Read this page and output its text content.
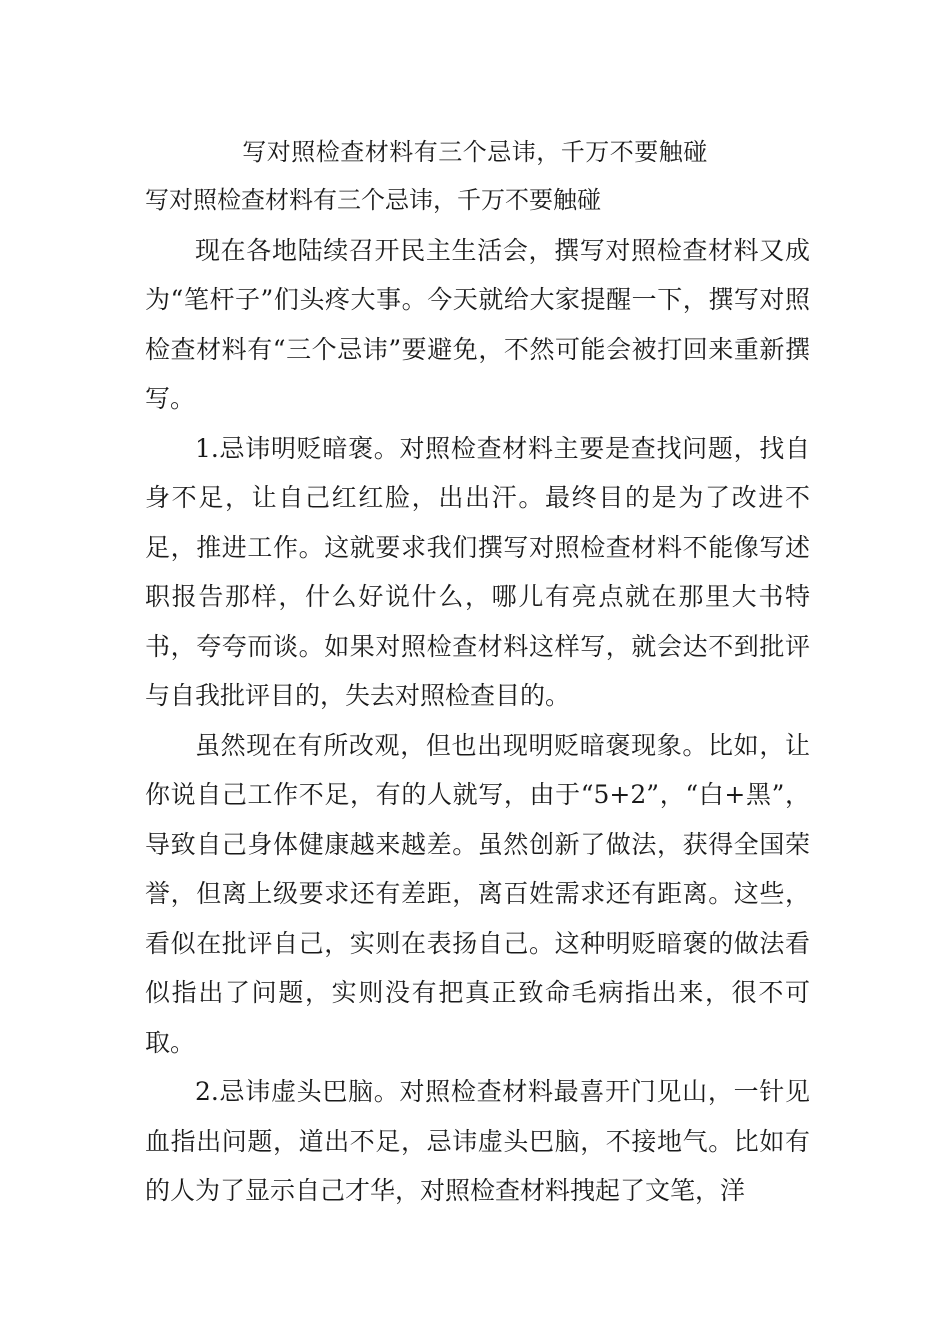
写对照检查材料有三个忌讳，千万不要触碰

写对照检查材料有三个忌讳，千万不要触碰

现在各地陆续召开民主生活会，撰写对照检查材料又成为“笔杆子”们头疼大事。今天就给大家提醒一下，撰写对照检查材料有“三个忌讳”要避免，不然可能会被打回来重新撰写。

1.忌讳明贬暗褒。对照检查材料主要是查找问题，找自身不足，让自己红红脸，出出汗。最终目的是为了改进不足，推进工作。这就要求我们撰写对照检查材料不能像写述职报告那样，什么好说什么，哪儿有亮点就在那里大书特书，夸夸而谈。如果对照检查材料这样写，就会达不到批评与自我批评目的，失去对照检查目的。

虽然现在有所改观，但也出现明贬暗褒现象。比如，让你说自己工作不足，有的人就写，由于“5+2”，“白+黑”，导致自己身体健康越来越差。虽然创新了做法，获得全国荣誉，但离上级要求还有差距，离百姓需求还有距离。这些，看似在批评自己，实则在表扬自己。这种明贬暗褒的做法看似指出了问题，实则没有把真正致命毛病指出来，很不可取。

2.忌讳虚头巴脑。对照检查材料最喜开门见山，一针见血指出问题，道出不足，忌讳虚头巴脑，不接地气。比如有的人为了显示自己才华，对照检查材料拽起了文笔，洋
